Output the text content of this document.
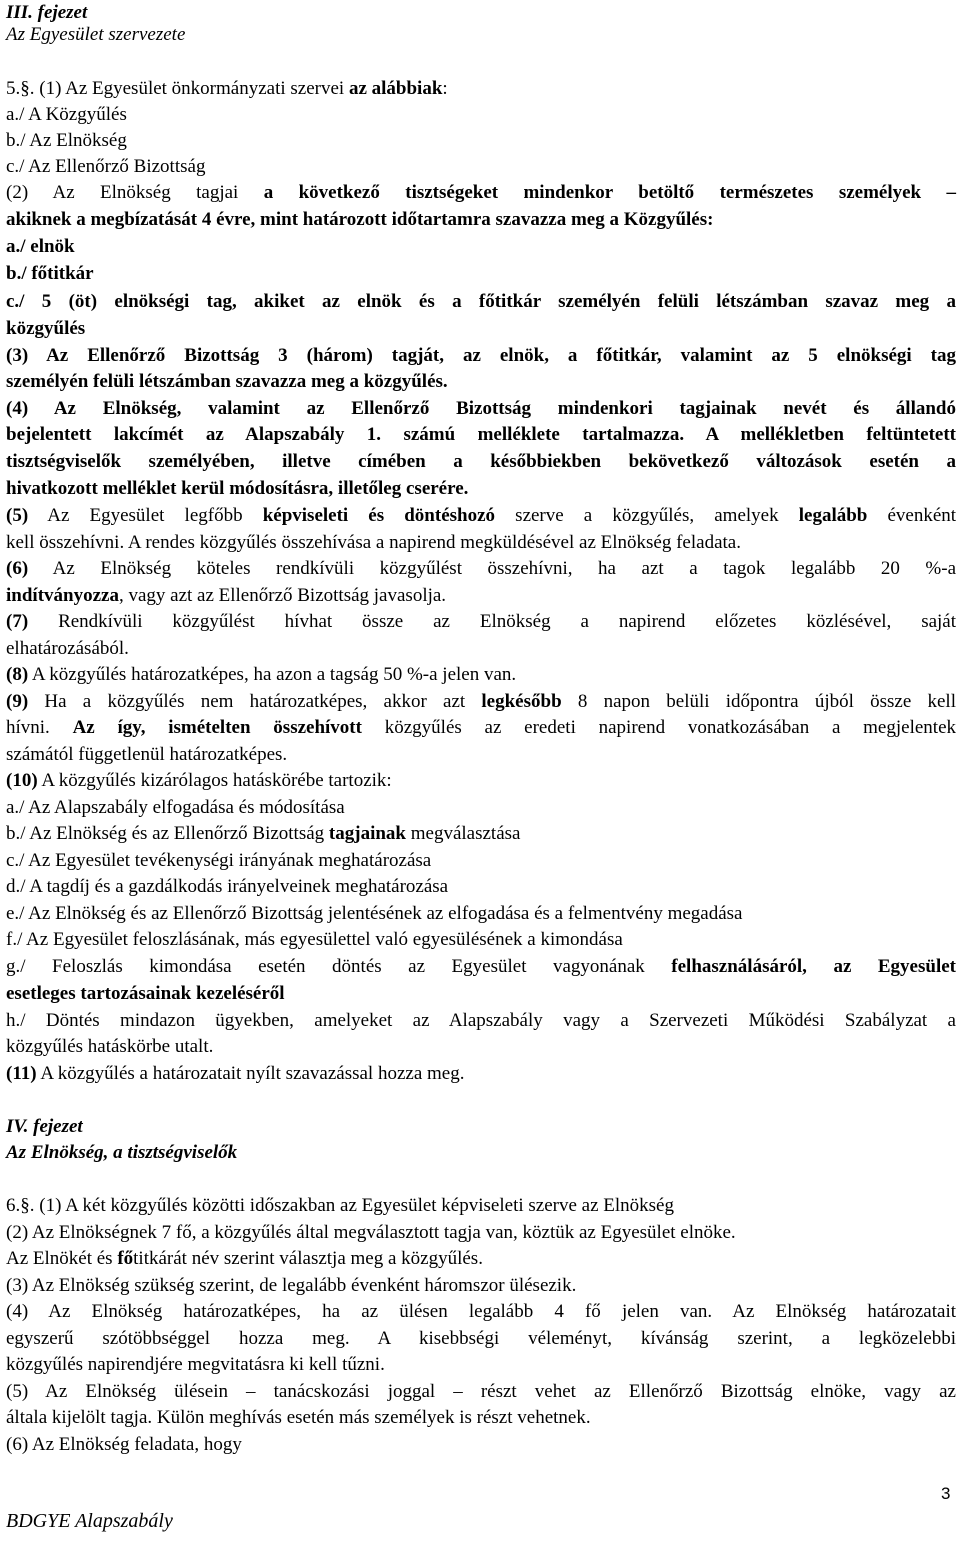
III. fejezet
Az Egyesület szervezete
5.§. (1) Az Egyesület önkormányzati szervei az alábbiak:
a./ A Közgyűlés
b./ Az Elnökség
c./ Az Ellenőrző Bizottság
(2) Az Elnökség tagjai a következő tisztségeket mindenkor betöltő természetes személyek –
akiknek a megbízatását 4 évre, mint határozott időtartamra szavazza meg a Közgyűlés:
a./ elnök
b./ főtitkár
c./ 5 (öt) elnökségi tag, akiket az elnök és a főtitkár személyén felüli létszámban szavaz meg a
közgyűlés
(3) Az Ellenőrző Bizottság 3 (három) tagját, az elnök, a főtitkár, valamint az 5 elnökségi tag
személyén felüli létszámban szavazza meg a közgyűlés.
(4) Az Elnökség, valamint az Ellenőrző Bizottság mindenkori tagjainak nevét és állandó
bejelentett lakcímét az Alapszabály 1. számú melléklete tartalmazza. A mellékletben feltüntetett
tisztségviselők személyében, illetve címében a későbbiekben bekövetkező változások esetén a
hivatkozott melléklet kerül módosításra, illetőleg cserére.
(5) Az Egyesület legfőbb képviseleti és döntéshozó szerve a közgyűlés, amelyek legalább évenként
kell összehívni. A rendes közgyűlés összehívása a napirend megküldésével az Elnökség feladata.
(6) Az Elnökség köteles rendkívüli közgyűlést összehívni, ha azt a tagok legalább 20 %-a
indítványozza, vagy azt az Ellenőrző Bizottság javasolja.
(7) Rendkívüli közgyűlést hívhat össze az Elnökség a napirend előzetes közlésével, saját
elhatározásából.
(8) A közgyűlés határozatképes, ha azon a tagság 50 %-a jelen van.
(9) Ha a közgyűlés nem határozatképes, akkor azt legkésőbb 8 napon belüli időpontra újból össze kell
hívni. Az így, ismételten összehívott közgyűlés az eredeti napirend vonatkozásában a megjelentek
számától függetlenül határozatképes.
(10) A közgyűlés kizárólagos hatáskörébe tartozik:
a./ Az Alapszabály elfogadása és módosítása
b./ Az Elnökség és az Ellenőrző Bizottság tagjainak megválasztása
c./ Az Egyesület tevékenységi irányának meghatározása
d./ A tagdíj és a gazdálkodás irányelveinek meghatározása
e./ Az Elnökség és az Ellenőrző Bizottság jelentésének az elfogadása és a felmentvény megadása
f./ Az Egyesület feloszlásának, más egyesülettel való egyesülésének a kimondása
g./ Feloszlás kimondása esetén döntés az Egyesület vagyonának felhasználásáról, az Egyesület
esetleges tartozásainak kezeléséről
h./ Döntés mindazon ügyekben, amelyeket az Alapszabály vagy a Szervezeti Működési Szabályzat a
közgyűlés hatáskörbe utalt.
(11) A közgyűlés a határozatait nyílt szavazással hozza meg.
IV. fejezet
Az Elnökség, a tisztségviselők
6.§. (1) A két közgyűlés közötti időszakban az Egyesület képviseleti szerve az Elnökség
(2) Az Elnökségnek 7 fő, a közgyűlés által megválasztott tagja van, köztük az Egyesület elnöke.
Az Elnökét és főtitkárát név szerint választja meg a közgyűlés.
(3) Az Elnökség szükség szerint, de legalább évenként háromszor ülésezik.
(4) Az Elnökség határozatképes, ha az ülésen legalább 4 fő jelen van. Az Elnökség határozatait
egyszerű szótöbbséggel hozza meg. A kisebbségi véleményt, kívánság szerint, a legközelebbi
közgyűlés napirendjére megvitatásra ki kell tűzni.
(5) Az Elnökség ülésein – tanácskozási joggal – részt vehet az Ellenőrző Bizottság elnöke, vagy az
általa kijelölt tagja. Külön meghívás esetén más személyek is részt vehetnek.
(6) Az Elnökség feladata, hogy
3
BDGYE Alapszabály
